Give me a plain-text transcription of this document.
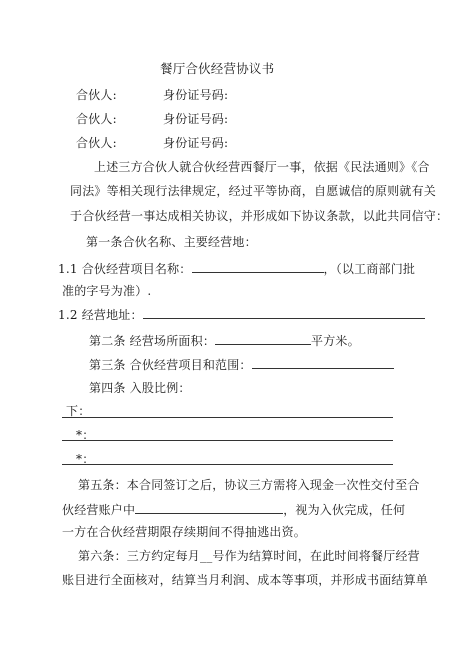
餐厅合伙经营协议书
合伙人:	身份证号码:
合伙人:	身份证号码:
合伙人:	身份证号码:
上述三方合伙人就合伙经营西餐厅一事，依据《民法通则》《合
同法》等相关现行法律规定，经过平等协商，自愿诚信的原则就有关
于合伙经营一事达成相关协议，并形成如下协议条款，以此共同信守：
第一条合伙名称、主要经营地：
1.1 合伙经营项目名称：	，（以工商部门批
准的字号为准）.
1.2 经营地址：
第二条 经营场所面积：	平方米。
第三条 合伙经营项目和范围：
第四条 入股比例：
下：
*：
*：
第五条：本合同签订之后，协议三方需将入现金一次性交付至合
伙经营账户中	，视为入伙完成，任何
一方在合伙经营期限存续期间不得抽逃出资。
第六条：三方约定每月__号作为结算时间，在此时间将餐厅经营
账目进行全面核对，结算当月利润、成本等事项，并形成书面结算单
